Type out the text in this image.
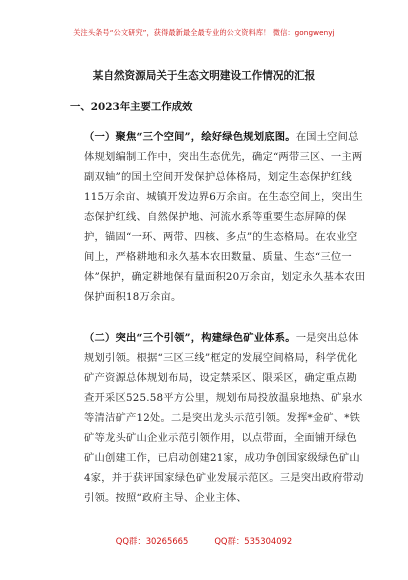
关注头条号“公文研究”，获得最新最全最专业的公文资料库！ 微信：gongwenyj
某自然资源局关于生态文明建设工作情况的汇报
一、2023年主要工作成效
（一）聚焦“三个空间”，绘好绿色规划底图。在国土空间总体规划编制工作中，突出生态优先，确定“两带三区、一主两副双轴”的国土空间开发保护总体格局，划定生态保护红线115万余亩、城镇开发边界6万余亩。在生态空间上，突出生态保护红线、自然保护地、河流水系等重要生态屏障的保护，锚固“一环、两带、四核、多点”的生态格局。在农业空间上，严格耕地和永久基本农田数量、质量、生态“三位一体”保护，确定耕地保有量面积20万余亩，划定永久基本农田保护面积18万余亩。
（二）突出“三个引领”，构建绿色矿业体系。一是突出总体规划引领。根据“三区三线”框定的发展空间格局，科学优化矿产资源总体规划布局，设定禁采区、限采区，确定重点勘查开采区525.58平方公里，规划布局投放温泉地热、矿泉水等清洁矿产12处。二是突出龙头示范引领。发挥*金矿、*铁矿等龙头矿山企业示范引领作用，以点带面，全面铺开绿色矿山创建工作，已启动创建21家，成功争创国家级绿色矿山4家，并于获评国家绿色矿业发展示范区。三是突出政府带动引领。按照“政府主导、企业主体、
QQ群：30265665	QQ群：535304092
